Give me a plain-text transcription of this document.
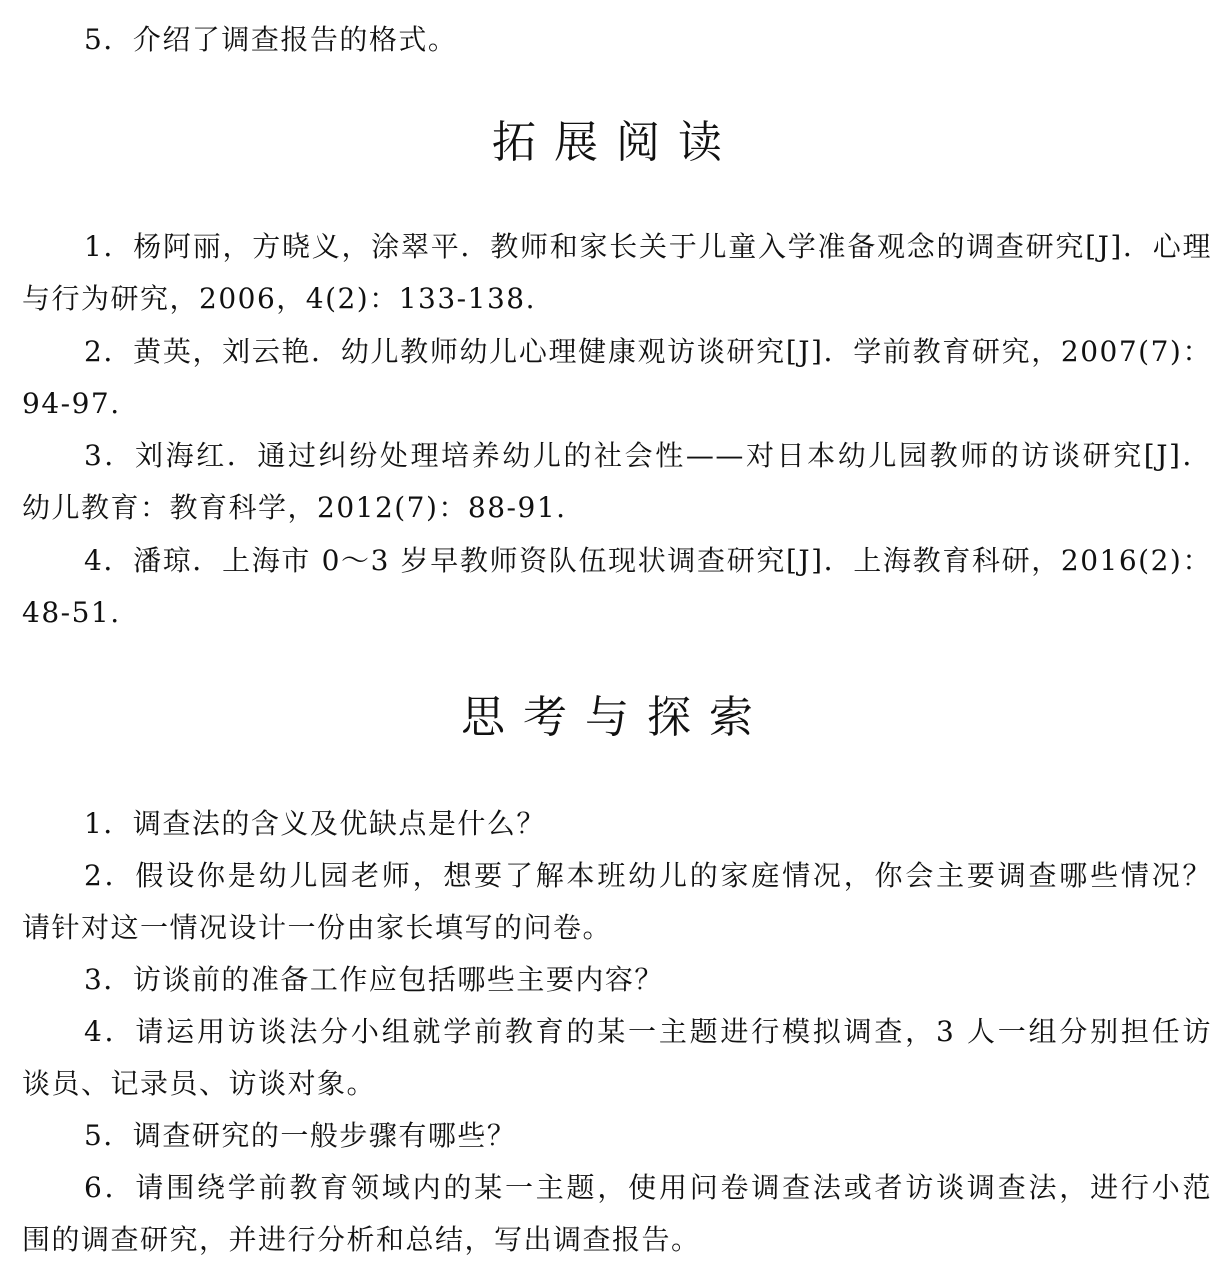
5．介绍了调查报告的格式。
拓展阅读
1．杨阿丽，方晓义，涂翠平．教师和家长关于儿童入学准备观念的调查研究[J]．心理
与行为研究，2006，4(2)：133-138.
2．黄英，刘云艳．幼儿教师幼儿心理健康观访谈研究[J]．学前教育研究，2007(7)：
94-97.
3．刘海红．通过纠纷处理培养幼儿的社会性——对日本幼儿园教师的访谈研究[J]．
幼儿教育：教育科学，2012(7)：88-91.
4．潘琼．上海市 0～3 岁早教师资队伍现状调查研究[J]．上海教育科研，2016(2)：
48-51.
思考与探索
1．调查法的含义及优缺点是什么？
2．假设你是幼儿园老师，想要了解本班幼儿的家庭情况，你会主要调查哪些情况？
请针对这一情况设计一份由家长填写的问卷。
3．访谈前的准备工作应包括哪些主要内容？
4．请运用访谈法分小组就学前教育的某一主题进行模拟调查，3 人一组分别担任访
谈员、记录员、访谈对象。
5．调查研究的一般步骤有哪些？
6．请围绕学前教育领域内的某一主题，使用问卷调查法或者访谈调查法，进行小范
围的调查研究，并进行分析和总结，写出调查报告。
